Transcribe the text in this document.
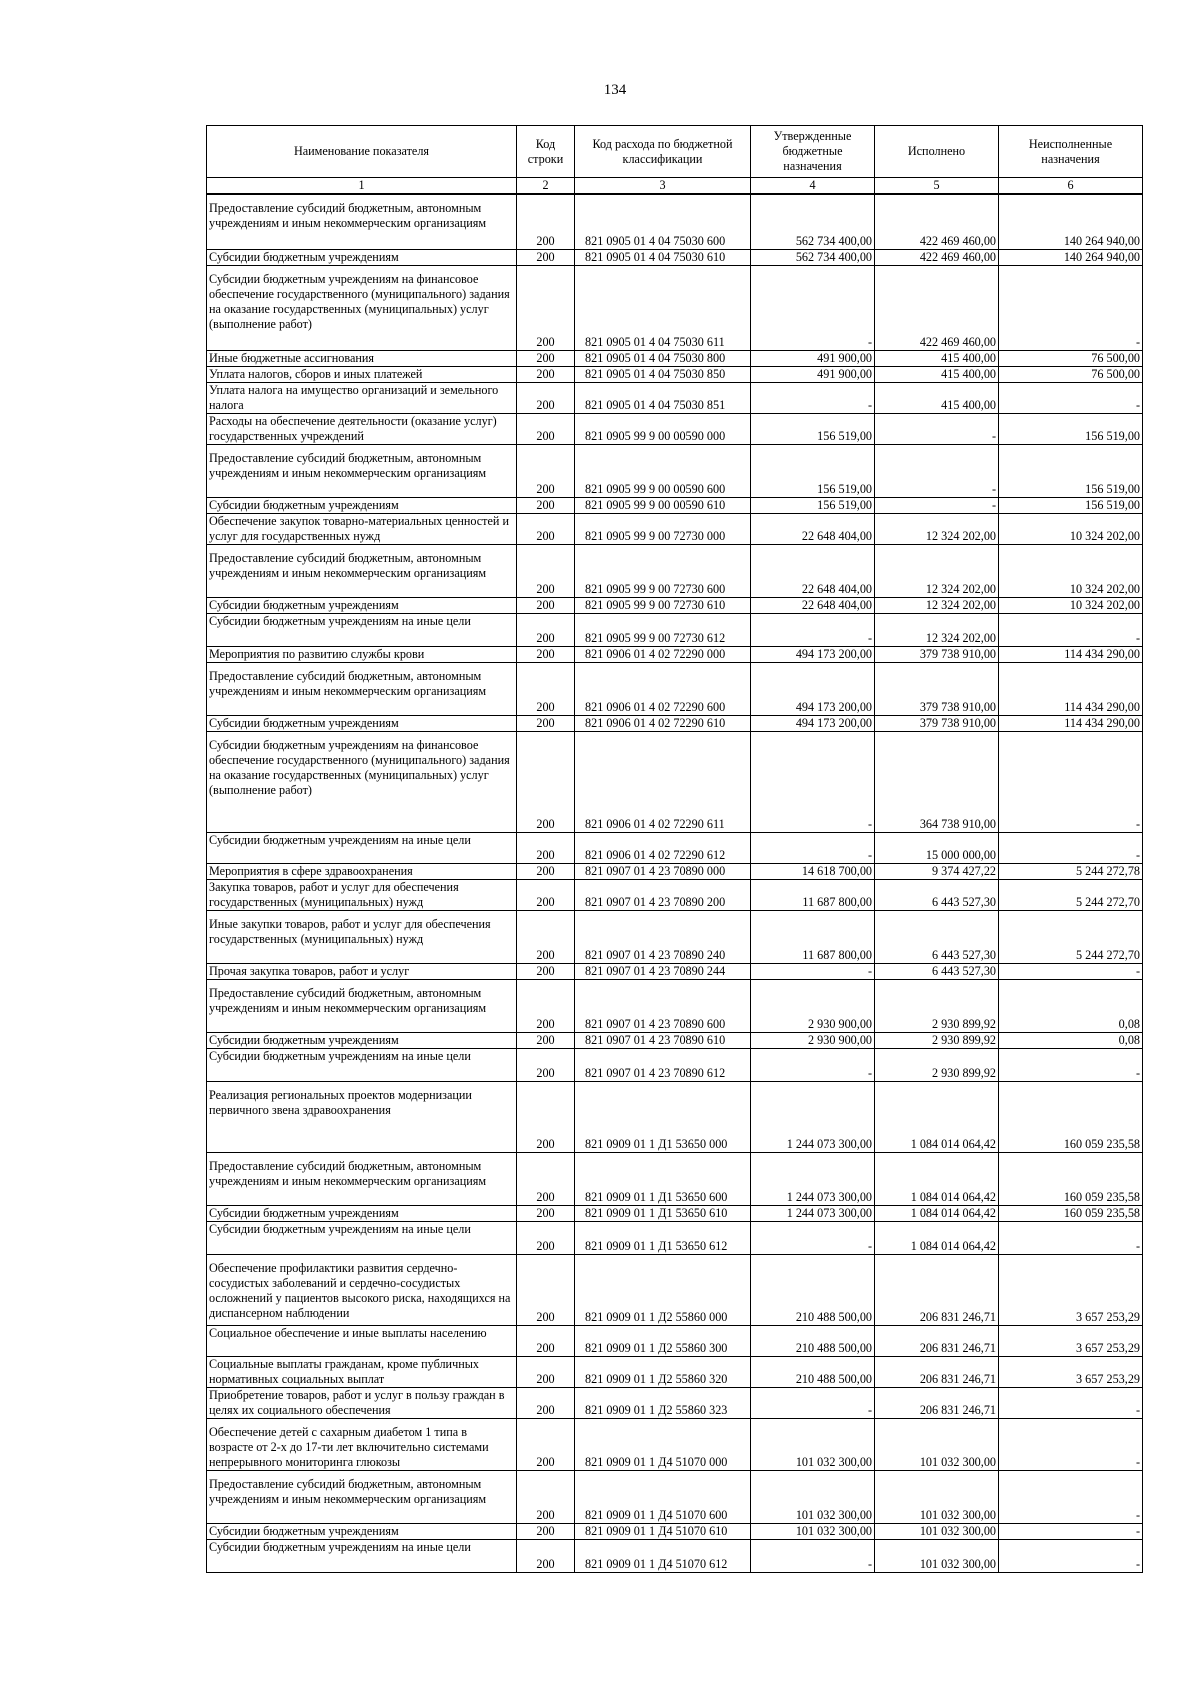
134
Наименование показателя	Код строки	Код расхода по бюджетной классификации	Утвержденные бюджетные назначения	Исполнено	Неисполненные назначения
1	2	3	4	5	6
Предоставление субсидий бюджетным, автономным учреждениям и иным некоммерческим организациям	200	821 0905 01 4 04 75030 600	562 734 400,00	422 469 460,00	140 264 940,00
Субсидии бюджетным учреждениям	200	821 0905 01 4 04 75030 610	562 734 400,00	422 469 460,00	140 264 940,00
Субсидии бюджетным учреждениям на финансовое обеспечение государственного (муниципального) задания на оказание государственных (муниципальных) услуг (выполнение работ)	200	821 0905 01 4 04 75030 611	-	422 469 460,00	-
Иные бюджетные ассигнования	200	821 0905 01 4 04 75030 800	491 900,00	415 400,00	76 500,00
Уплата налогов, сборов и иных платежей	200	821 0905 01 4 04 75030 850	491 900,00	415 400,00	76 500,00
Уплата налога на имущество организаций и земельного налога	200	821 0905 01 4 04 75030 851	-	415 400,00	-
Расходы на обеспечение деятельности (оказание услуг) государственных учреждений	200	821 0905 99 9 00 00590 000	156 519,00	-	156 519,00
Предоставление субсидий бюджетным, автономным учреждениям и иным некоммерческим организациям	200	821 0905 99 9 00 00590 600	156 519,00	-	156 519,00
Субсидии бюджетным учреждениям	200	821 0905 99 9 00 00590 610	156 519,00	-	156 519,00
Обеспечение закупок товарно-материальных ценностей и услуг для государственных нужд	200	821 0905 99 9 00 72730 000	22 648 404,00	12 324 202,00	10 324 202,00
Предоставление субсидий бюджетным, автономным учреждениям и иным некоммерческим организациям	200	821 0905 99 9 00 72730 600	22 648 404,00	12 324 202,00	10 324 202,00
Субсидии бюджетным учреждениям	200	821 0905 99 9 00 72730 610	22 648 404,00	12 324 202,00	10 324 202,00
Субсидии бюджетным учреждениям на иные цели	200	821 0905 99 9 00 72730 612	-	12 324 202,00	-
Мероприятия по развитию службы крови	200	821 0906 01 4 02 72290 000	494 173 200,00	379 738 910,00	114 434 290,00
Предоставление субсидий бюджетным, автономным учреждениям и иным некоммерческим организациям	200	821 0906 01 4 02 72290 600	494 173 200,00	379 738 910,00	114 434 290,00
Субсидии бюджетным учреждениям	200	821 0906 01 4 02 72290 610	494 173 200,00	379 738 910,00	114 434 290,00
Субсидии бюджетным учреждениям на финансовое обеспечение государственного (муниципального) задания на оказание государственных (муниципальных) услуг (выполнение работ)	200	821 0906 01 4 02 72290 611	-	364 738 910,00	-
Субсидии бюджетным учреждениям на иные цели	200	821 0906 01 4 02 72290 612	-	15 000 000,00	-
Мероприятия в сфере здравоохранения	200	821 0907 01 4 23 70890 000	14 618 700,00	9 374 427,22	5 244 272,78
Закупка товаров, работ и услуг для обеспечения государственных (муниципальных) нужд	200	821 0907 01 4 23 70890 200	11 687 800,00	6 443 527,30	5 244 272,70
Иные закупки товаров, работ и услуг для обеспечения государственных (муниципальных) нужд	200	821 0907 01 4 23 70890 240	11 687 800,00	6 443 527,30	5 244 272,70
Прочая закупка товаров, работ и услуг	200	821 0907 01 4 23 70890 244	-	6 443 527,30	-
Предоставление субсидий бюджетным, автономным учреждениям и иным некоммерческим организациям	200	821 0907 01 4 23 70890 600	2 930 900,00	2 930 899,92	0,08
Субсидии бюджетным учреждениям	200	821 0907 01 4 23 70890 610	2 930 900,00	2 930 899,92	0,08
Субсидии бюджетным учреждениям на иные цели	200	821 0907 01 4 23 70890 612	-	2 930 899,92	-
Реализация региональных проектов модернизации первичного звена здравоохранения	200	821 0909 01 1 Д1 53650 000	1 244 073 300,00	1 084 014 064,42	160 059 235,58
Предоставление субсидий бюджетным, автономным учреждениям и иным некоммерческим организациям	200	821 0909 01 1 Д1 53650 600	1 244 073 300,00	1 084 014 064,42	160 059 235,58
Субсидии бюджетным учреждениям	200	821 0909 01 1 Д1 53650 610	1 244 073 300,00	1 084 014 064,42	160 059 235,58
Субсидии бюджетным учреждениям на иные цели	200	821 0909 01 1 Д1 53650 612	-	1 084 014 064,42	-
Обеспечение профилактики развития сердечно-сосудистых заболеваний и сердечно-сосудистых осложнений у пациентов высокого риска, находящихся на диспансерном наблюдении	200	821 0909 01 1 Д2 55860 000	210 488 500,00	206 831 246,71	3 657 253,29
Социальное обеспечение и иные выплаты населению	200	821 0909 01 1 Д2 55860 300	210 488 500,00	206 831 246,71	3 657 253,29
Социальные выплаты гражданам, кроме публичных нормативных социальных выплат	200	821 0909 01 1 Д2 55860 320	210 488 500,00	206 831 246,71	3 657 253,29
Приобретение товаров, работ и услуг в пользу граждан в целях их социального обеспечения	200	821 0909 01 1 Д2 55860 323	-	206 831 246,71	-
Обеспечение детей с сахарным диабетом 1 типа в возрасте от 2-х до 17-ти лет включительно системами непрерывного мониторинга глюкозы	200	821 0909 01 1 Д4 51070 000	101 032 300,00	101 032 300,00	-
Предоставление субсидий бюджетным, автономным учреждениям и иным некоммерческим организациям	200	821 0909 01 1 Д4 51070 600	101 032 300,00	101 032 300,00	-
Субсидии бюджетным учреждениям	200	821 0909 01 1 Д4 51070 610	101 032 300,00	101 032 300,00	-
Субсидии бюджетным учреждениям на иные цели	200	821 0909 01 1 Д4 51070 612	-	101 032 300,00	-
